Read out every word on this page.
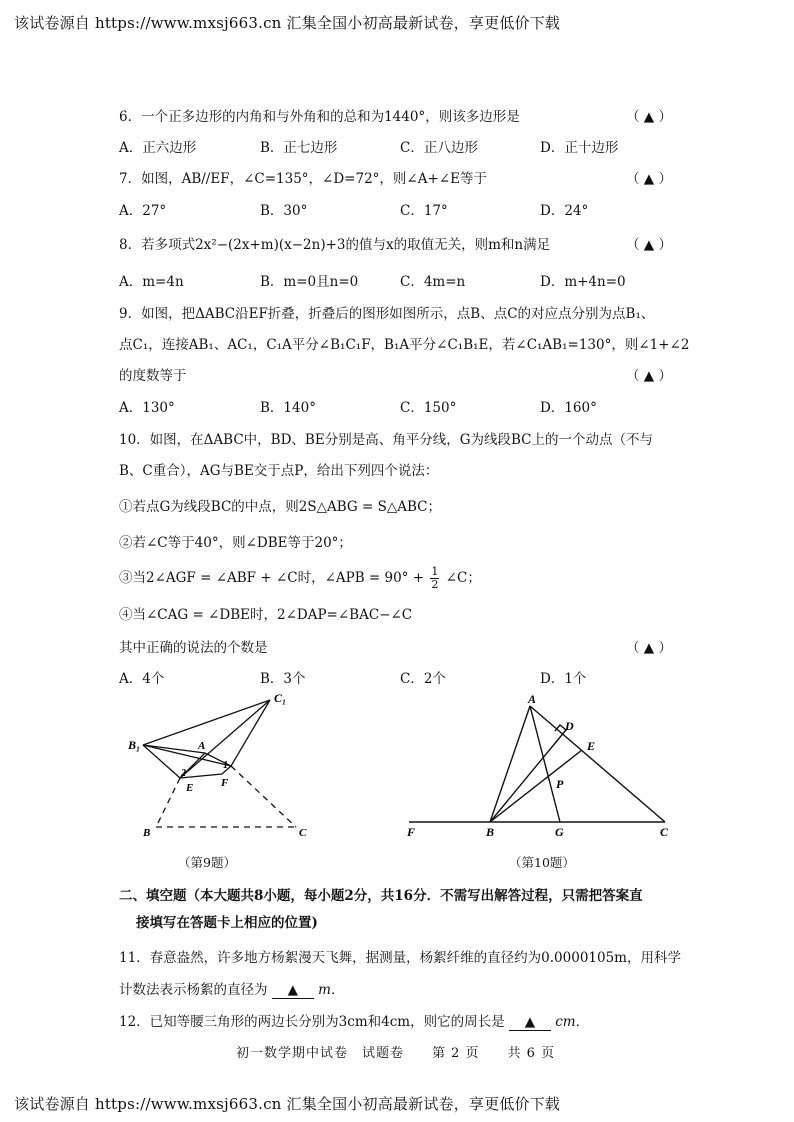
该试卷源自 https://www.mxsj663.cn 汇集全国小初高最新试卷，享更低价下载
6．一个正多边形的内角和与外角和的总和为1440°，则该多边形是	（ ▲ ）
A．正六边形	B．正七边形	C．正八边形	D．正十边形
7．如图，AB//EF，∠C=135°，∠D=72°，则∠A+∠E等于	（ ▲ ）
A．27°	B．30°	C．17°	D．24°
8．若多项式2x²−(2x+m)(x−2n)+3的值与x的取值无关，则m和n满足	（ ▲ ）
A．m=4n	B．m=0且n=0	C．4m=n	D．m+4n=0
9．如图，把ΔABC沿EF折叠，折叠后的图形如图所示，点B、点C的对应点分别为点B₁、
点C₁，连接AB₁、AC₁，C₁A平分∠B₁C₁F，B₁A平分∠C₁B₁E，若∠C₁AB₁=130°，则∠1+∠2
的度数等于	（ ▲ ）
A．130°	B．140°	C．150°	D．160°
10．如图，在ΔABC中，BD、BE分别是高、角平分线，G为线段BC上的一个动点（不与
B、C重合），AG与BE交于点P，给出下列四个说法：
①若点G为线段BC的中点，则2S△ABG = S△ABC；
②若∠C等于40°，则∠DBE等于20°；
③当2∠AGF = ∠ABF + ∠C时，∠APB = $90^\circ + \frac{1}{2}$ ∠C；
④当∠CAG = ∠DBE时，2∠DAP=∠BAC−∠C
其中正确的说法的个数是	（ ▲ ）
A．4个	B．3个	C．2个	D．1个
C₁
B₁	A
1
2
E	F
B	C
A
D
E
P
F	B	G	C
（第9题）	（第10题）
二、填空题（本大题共8小题，每小题2分，共16分．不需写出解答过程，只需把答案直
接填写在答题卡上相应的位置)
11．春意盎然，许多地方杨絮漫天飞舞，据测量，杨絮纤维的直径约为0.0000105m，用科学
计数法表示杨絮的直径为 ▲ m．
12．已知等腰三角形的两边长分别为3cm和4cm，则它的周长是 ▲ cm．
初一数学期中试卷　试题卷　　第 2 页　　共 6 页
该试卷源自 https://www.mxsj663.cn 汇集全国小初高最新试卷，享更低价下载
